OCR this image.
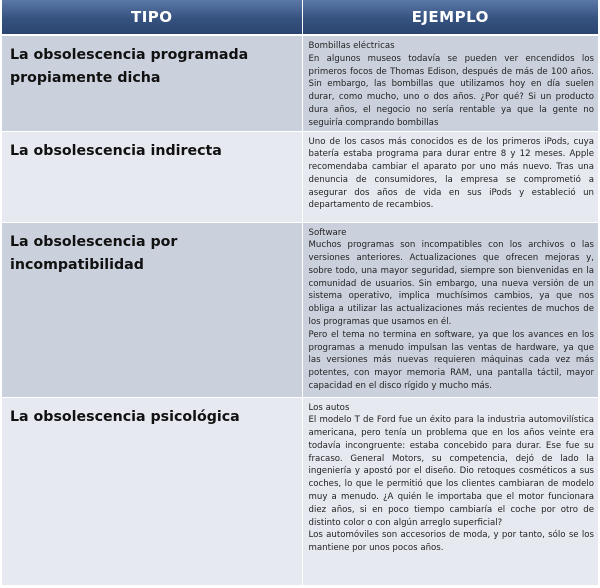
TIPO	EJEMPLO
La obsolescencia programada propiamente dicha	Bombillas eléctricas

En algunos museos todavía se pueden ver encendidos los primeros focos de Thomas Edison, después de más de 100 años. Sin embargo, las bombillas que utilizamos hoy en día suelen durar, como mucho, uno o dos años. ¿Por qué? Si un producto dura años, el negocio no sería rentable ya que la gente no seguiría comprando bombillas

La obsolescencia indirecta	Uno de los casos más conocidos es de los primeros iPods, cuya batería estaba programa para durar entre 8 y 12 meses. Apple recomendaba cambiar el aparato por uno más nuevo. Tras una denuncia de consumidores, la empresa se comprometió a asegurar dos años de vida en sus iPods y estableció un departamento de recambios.

La obsolescencia por incompatibilidad	Software

Muchos programas son incompatibles con los archivos o las versiones anteriores. Actualizaciones que ofrecen mejoras y, sobre todo, una mayor seguridad, siempre son bienvenidas en la comunidad de usuarios. Sin embargo, una nueva versión de un sistema operativo, implica muchísimos cambios, ya que nos obliga a utilizar las actualizaciones más recientes de muchos de los programas que usamos en él.

Pero el tema no termina en software, ya que los avances en los programas a menudo impulsan las ventas de hardware, ya que las versiones más nuevas requieren máquinas cada vez más potentes, con mayor memoria RAM, una pantalla táctil, mayor capacidad en el disco rígido y mucho más.

La obsolescencia psicológica	Los autos

El modelo T de Ford fue un éxito para la industria automovilística americana, pero tenía un problema que en los años veinte era todavía incongruente: estaba concebido para durar. Ese fue su fracaso. General Motors, su competencia, dejó de lado la ingeniería y apostó por el diseño. Dio retoques cosméticos a sus coches, lo que le permitió que los clientes cambiaran de modelo muy a menudo. ¿A quién le importaba que el motor funcionara diez años, si en poco tiempo cambiaría el coche por otro de distinto color o con algún arreglo superficial?

Los automóviles son accesorios de moda, y por tanto, sólo se los mantiene por unos pocos años.
